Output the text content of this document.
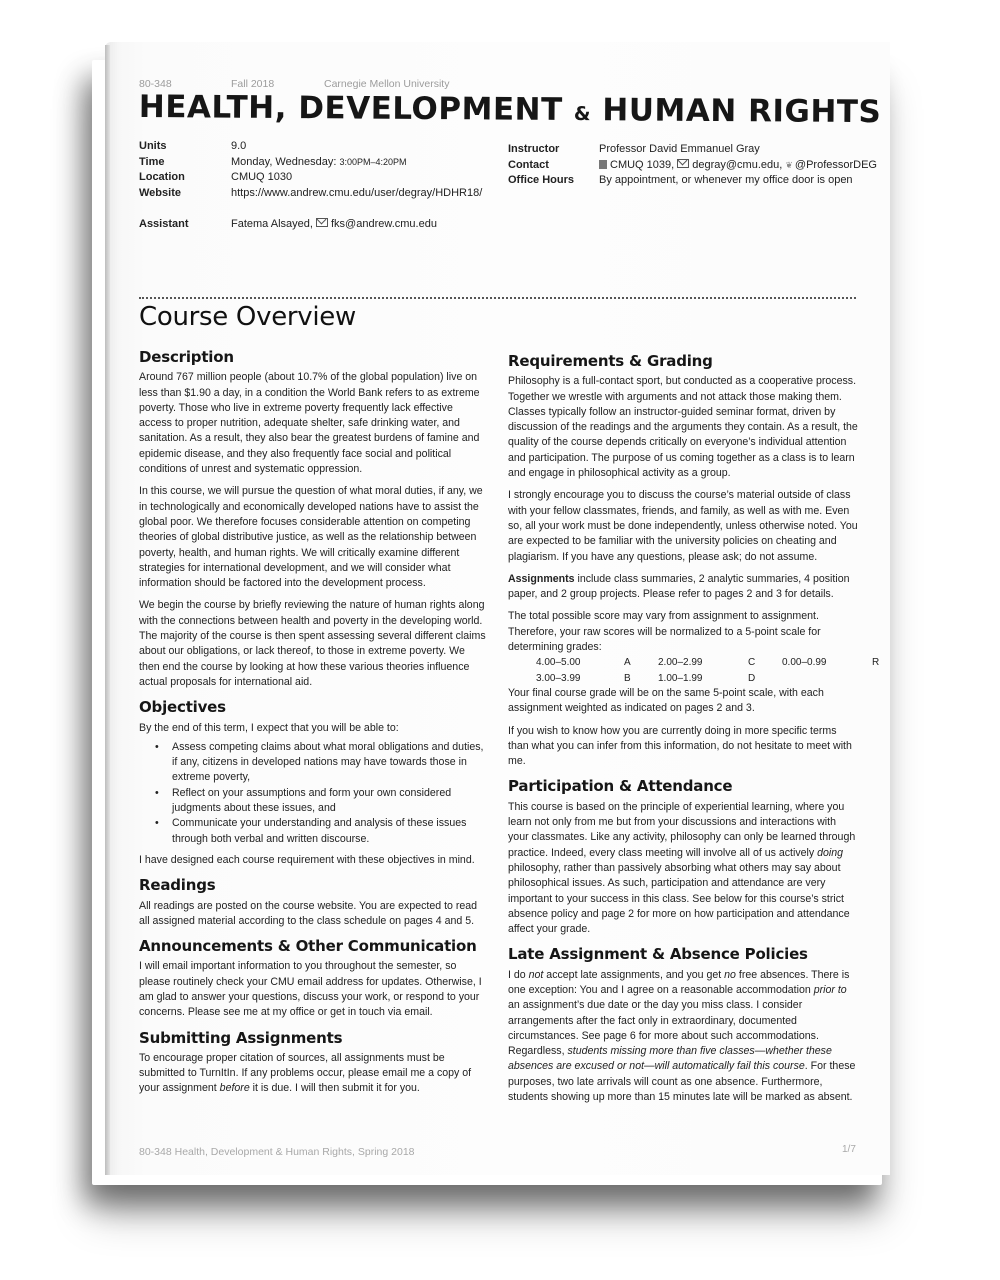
80-348	Fall 2018	Carnegie Mellon University
HEALTH, DEVELOPMENT & HUMAN RIGHTS
Units	9.0
Time	Monday, Wednesday: 3:00PM–4:20PM
Location	CMUQ 1030
Website	https://www.andrew.cmu.edu/user/degray/HDHR18/
Assistant	Fatema Alsayed, fks@andrew.cmu.edu
Instructor	Professor David Emmanuel Gray
Contact	CMUQ 1039, degray@cmu.edu, ❦ @ProfessorDEG
Office Hours	By appointment, or whenever my office door is open
Course Overview
Description

Around 767 million people (about 10.7% of the global population) live on less than $1.90 a day, in a condition the World Bank refers to as extreme poverty. Those who live in extreme poverty frequently lack effective access to proper nutrition, adequate shelter, safe drinking water, and sanitation. As a result, they also bear the greatest burdens of famine and epidemic disease, and they also frequently face social and political conditions of unrest and systematic oppression.

In this course, we will pursue the question of what moral duties, if any, we in technologically and economically developed nations have to assist the global poor. We therefore focuses considerable attention on competing theories of global distributive justice, as well as the relationship between poverty, health, and human rights. We will critically examine different strategies for international development, and we will consider what information should be factored into the development process.

We begin the course by briefly reviewing the nature of human rights along with the connections between health and poverty in the developing world. The majority of the course is then spent assessing several different claims about our obligations, or lack thereof, to those in extreme poverty. We then end the course by looking at how these various theories influence actual proposals for international aid.

Objectives

By the end of this term, I expect that you will be able to:

• Assess competing claims about what moral obligations and duties, if any, citizens in developed nations may have towards those in extreme poverty,
• Reflect on your assumptions and form your own considered judgments about these issues, and
• Communicate your understanding and analysis of these issues through both verbal and written discourse.

I have designed each course requirement with these objectives in mind.

Readings

All readings are posted on the course website. You are expected to read all assigned material according to the class schedule on pages 4 and 5.

Announcements & Other Communication

I will email important information to you throughout the semester, so please routinely check your CMU email address for updates. Otherwise, I am glad to answer your questions, discuss your work, or respond to your concerns. Please see me at my office or get in touch via email.

Submitting Assignments

To encourage proper citation of sources, all assignments must be submitted to TurnItIn. If any problems occur, please email me a copy of your assignment before it is due. I will then submit it for you.

Requirements & Grading

Philosophy is a full-contact sport, but conducted as a cooperative process. Together we wrestle with arguments and not attack those making them. Classes typically follow an instructor-guided seminar format, driven by discussion of the readings and the arguments they contain. As a result, the quality of the course depends critically on everyone’s individual attention and participation. The purpose of us coming together as a class is to learn and engage in philosophical activity as a group.

I strongly encourage you to discuss the course’s material outside of class with your fellow classmates, friends, and family, as well as with me. Even so, all your work must be done independently, unless otherwise noted. You are expected to be familiar with the university policies on cheating and plagiarism. If you have any questions, please ask; do not assume.

Assignments include class summaries, 2 analytic summaries, 4 position paper, and 2 group projects. Please refer to pages 2 and 3 for details.

The total possible score may vary from assignment to assignment. Therefore, your raw scores will be normalized to a 5-point scale for determining grades:

4.00–5.00	A	2.00–2.99	C	0.00–0.99	R
3.00–3.99	B	1.00–1.99	D

Your final course grade will be on the same 5-point scale, with each assignment weighted as indicated on pages 2 and 3.

If you wish to know how you are currently doing in more specific terms than what you can infer from this information, do not hesitate to meet with me.

Participation & Attendance

This course is based on the principle of experiential learning, where you learn not only from me but from your discussions and interactions with your classmates. Like any activity, philosophy can only be learned through practice. Indeed, every class meeting will involve all of us actively doing philosophy, rather than passively absorbing what others may say about philosophical issues. As such, participation and attendance are very important to your success in this class. See below for this course’s strict absence policy and page 2 for more on how participation and attendance affect your grade.

Late Assignment & Absence Policies

I do not accept late assignments, and you get no free absences. There is one exception: You and I agree on a reasonable accommodation prior to an assignment’s due date or the day you miss class. I consider arrangements after the fact only in extraordinary, documented circumstances. See page 6 for more about such accommodations. Regardless, students missing more than five classes—whether these absences are excused or not—will automatically fail this course. For these purposes, two late arrivals will count as one absence. Furthermore, students showing up more than 15 minutes late will be marked as absent.

80-348 Health, Development & Human Rights, Spring 2018	1/7
